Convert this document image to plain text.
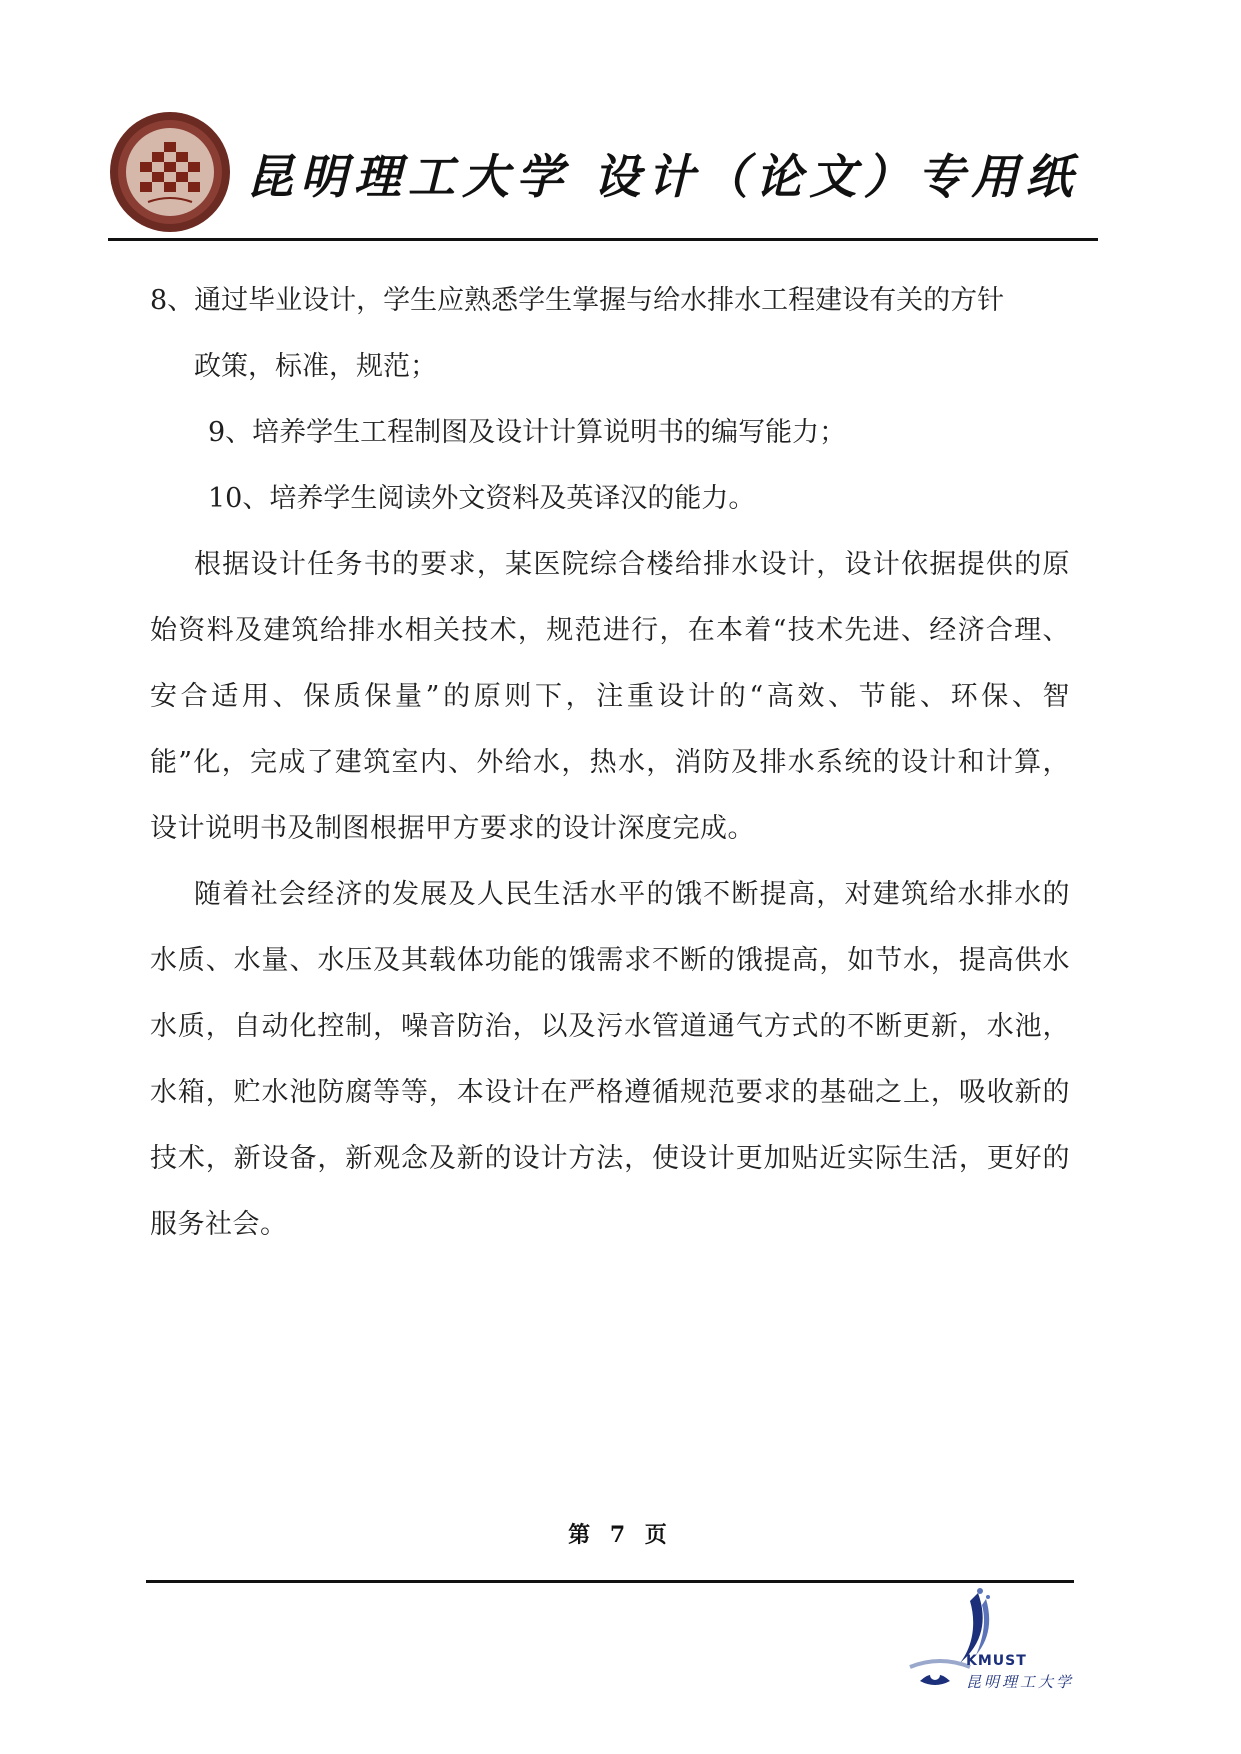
昆明理工大学 设计（论文）专用纸

8、通过毕业设计，学生应熟悉学生掌握与给水排水工程建设有关的方针

政策，标准，规范；

9、培养学生工程制图及设计计算说明书的编写能力；

10、培养学生阅读外文资料及英译汉的能力。

根据设计任务书的要求，某医院综合楼给排水设计，设计依据提供的原始资料及建筑给排水相关技术，规范进行，在本着“技术先进、经济合理、安合适用、保质保量”的原则下，注重设计的“高效、节能、环保、智能”化，完成了建筑室内、外给水，热水，消防及排水系统的设计和计算，设计说明书及制图根据甲方要求的设计深度完成。

随着社会经济的发展及人民生活水平的饿不断提高，对建筑给水排水的水质、水量、水压及其载体功能的饿需求不断的饿提高，如节水，提高供水水质，自动化控制，噪音防治，以及污水管道通气方式的不断更新，水池，水箱，贮水池防腐等等，本设计在严格遵循规范要求的基础之上，吸收新的技术，新设备，新观念及新的设计方法，使设计更加贴近实际生活，更好的服务社会。

第 7 页
KMUST
昆明理工大学
